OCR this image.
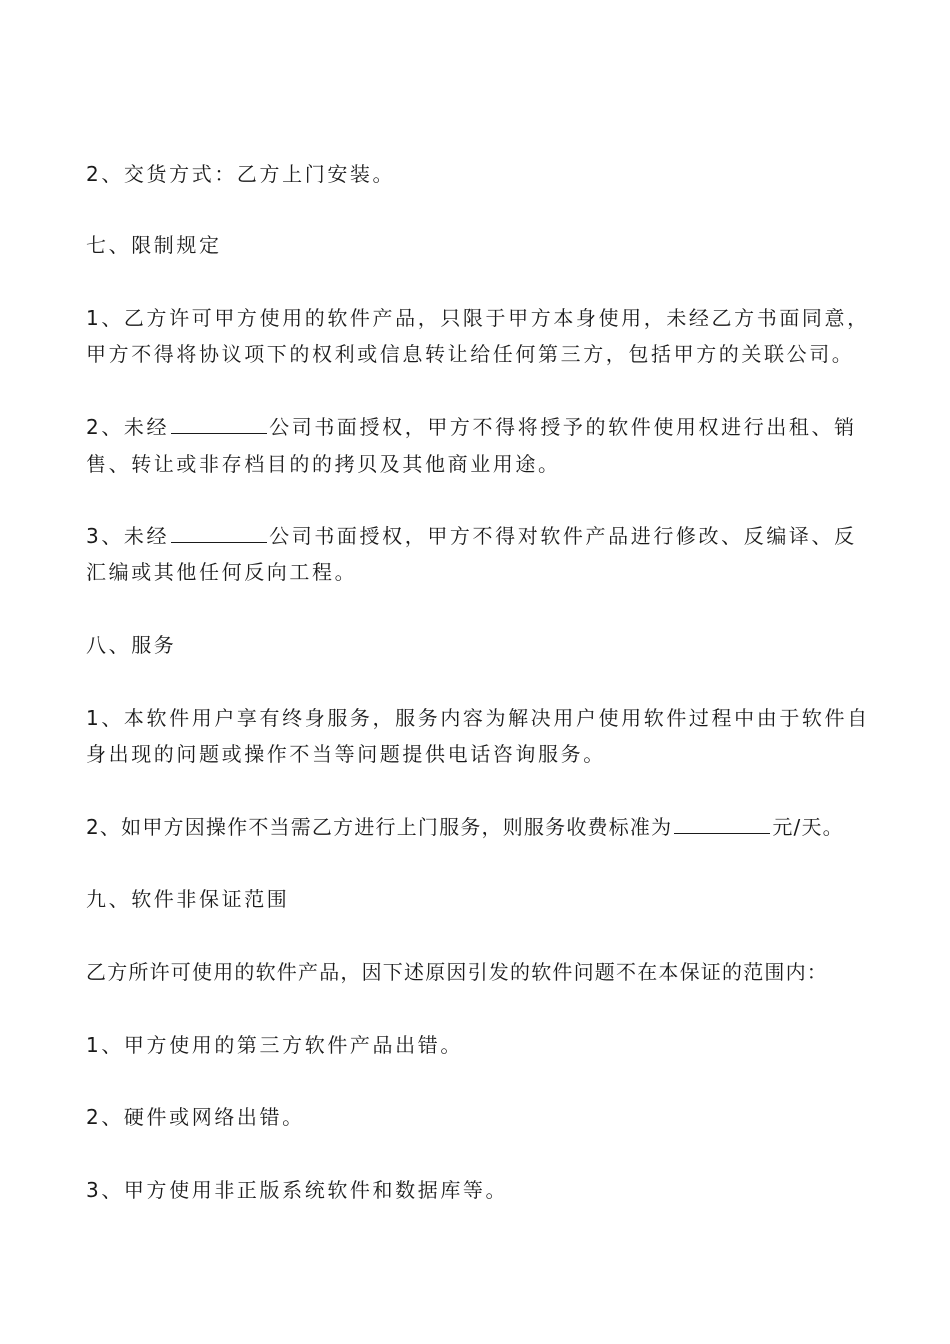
2、交货方式：乙方上门安装。
七、限制规定
1、乙方许可甲方使用的软件产品，只限于甲方本身使用，未经乙方书面同意，
甲方不得将协议项下的权利或信息转让给任何第三方，包括甲方的关联公司。
2、未经	公司书面授权，甲方不得将授予的软件使用权进行出租、销
售、转让或非存档目的的拷贝及其他商业用途。
3、未经	公司书面授权，甲方不得对软件产品进行修改、反编译、反
汇编或其他任何反向工程。
八、服务
1、本软件用户享有终身服务，服务内容为解决用户使用软件过程中由于软件自
身出现的问题或操作不当等问题提供电话咨询服务。
2、如甲方因操作不当需乙方进行上门服务，则服务收费标准为	元/天。
九、软件非保证范围
乙方所许可使用的软件产品，因下述原因引发的软件问题不在本保证的范围内：
1、甲方使用的第三方软件产品出错。
2、硬件或网络出错。
3、甲方使用非正版系统软件和数据库等。
